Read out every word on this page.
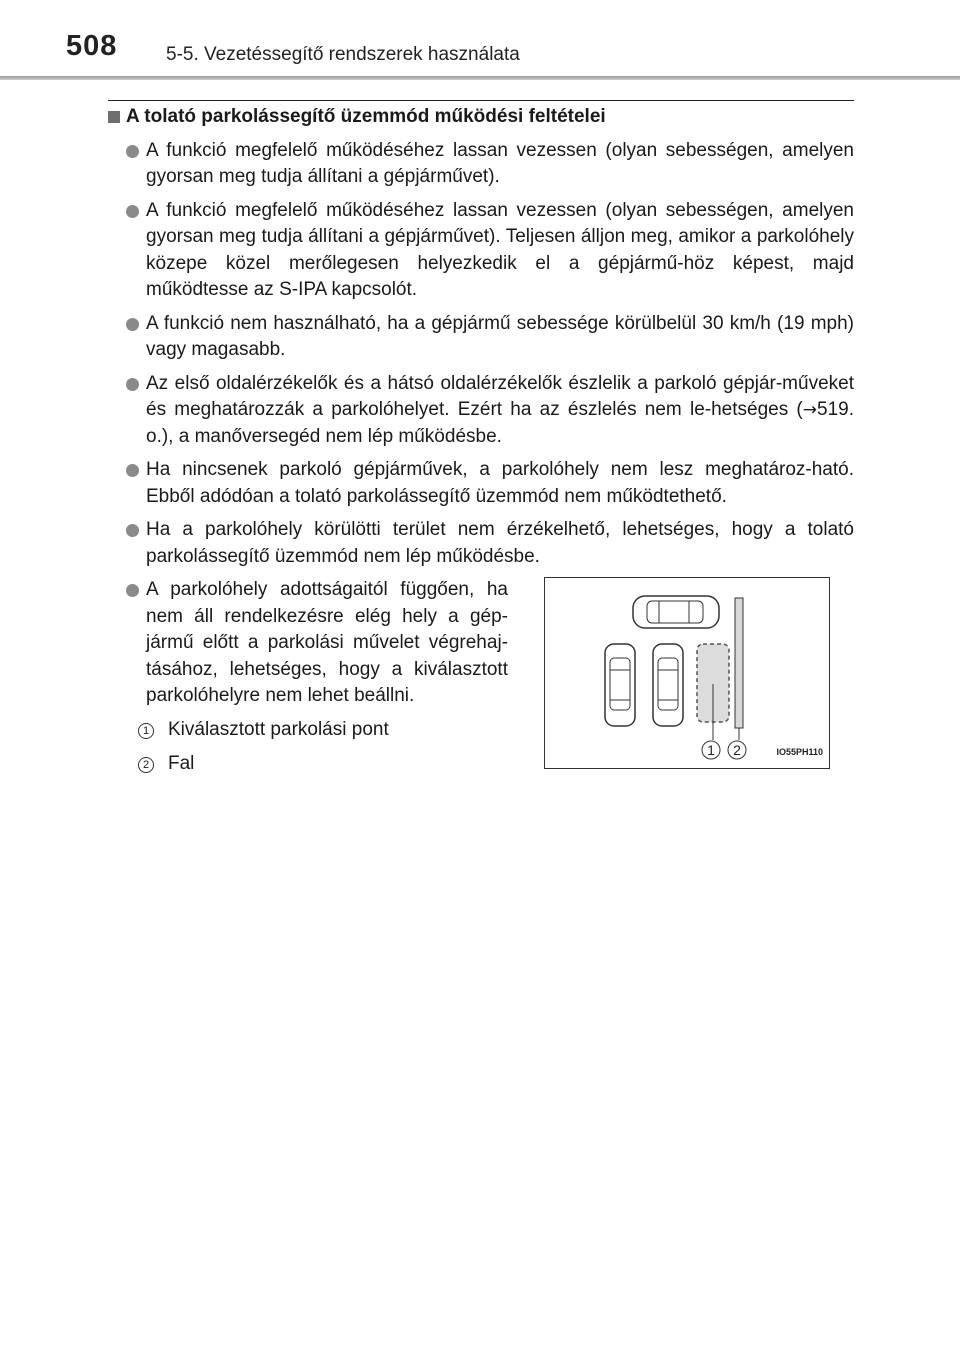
508	5-5. Vezetéssegítő rendszerek használata
A tolató parkolássegítő üzemmód működési feltételei
A funkció megfelelő működéséhez lassan vezessen (olyan sebességen, amelyen gyorsan meg tudja állítani a gépjárművet).
A funkció megfelelő működéséhez lassan vezessen (olyan sebességen, amelyen gyorsan meg tudja állítani a gépjárművet). Teljesen álljon meg, amikor a parkolóhely közepe közel merőlegesen helyezkedik el a gépjármű-höz képest, majd működtesse az S-IPA kapcsolót.
A funkció nem használható, ha a gépjármű sebessége körülbelül 30 km/h (19 mph) vagy magasabb.
Az első oldalérzékelők és a hátsó oldalérzékelők észlelik a parkoló gépjár-műveket és meghatározzák a parkolóhelyet. Ezért ha az észlelés nem le-hetséges (→519. o.), a manőversegéd nem lép működésbe.
Ha nincsenek parkoló gépjárművek, a parkolóhely nem lesz meghatároz-ható. Ebből adódóan a tolató parkolássegítő üzemmód nem működtethető.
Ha a parkolóhely körülötti terület nem érzékelhető, lehetséges, hogy a tolató parkolássegítő üzemmód nem lép működésbe.
A parkolóhely adottságaitól függően, ha nem áll rendelkezésre elég hely a gép-jármű előtt a parkolási művelet végrehaj-tásához, lehetséges, hogy a kiválasztott parkolóhelyre nem lehet beállni.
1 Kiválasztott parkolási pont
2 Fal
1 2	IO55PH110
